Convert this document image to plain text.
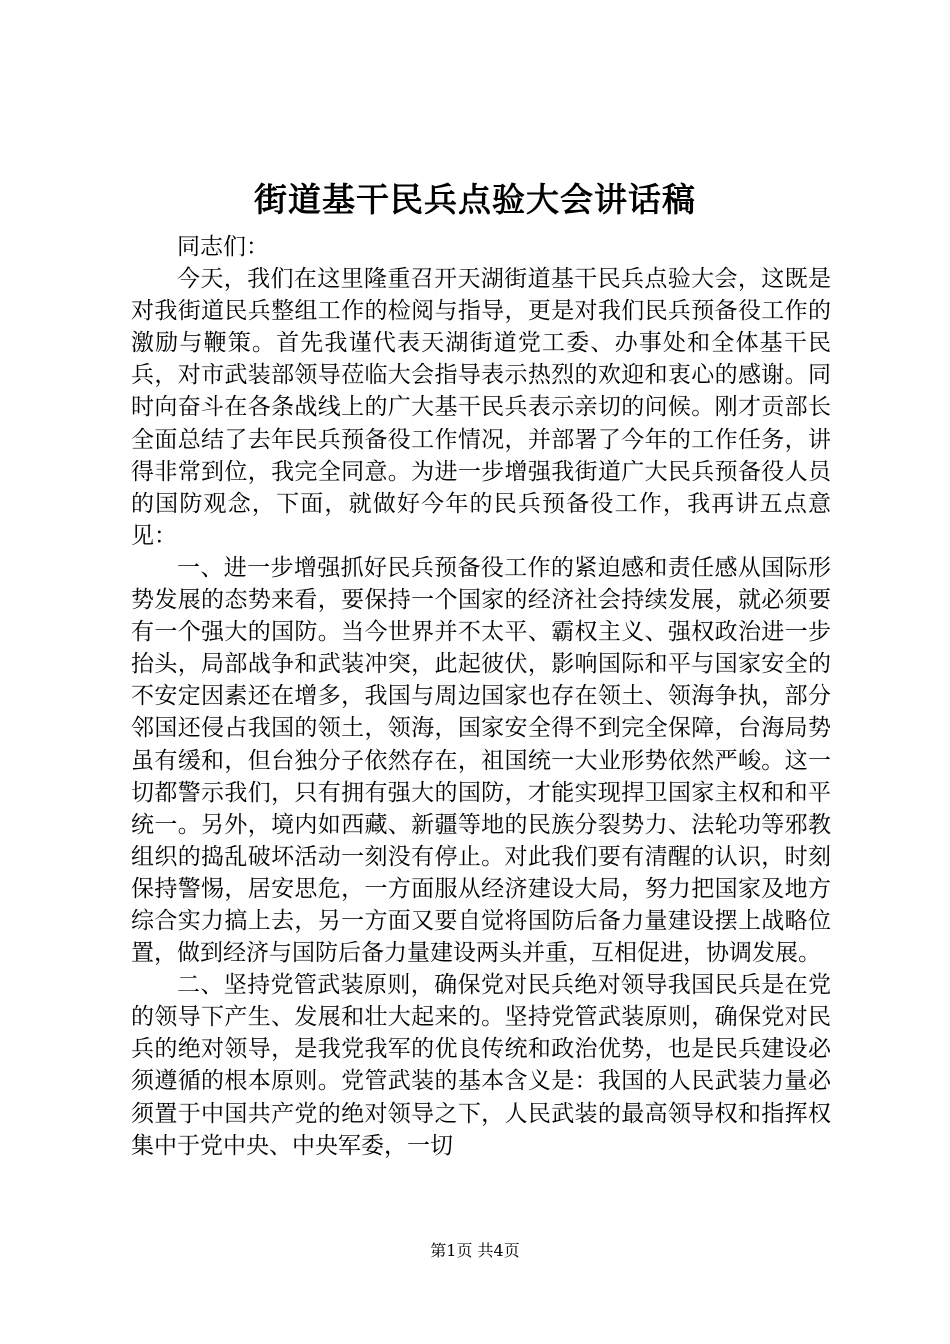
街道基干民兵点验大会讲话稿

同志们：

今天，我们在这里隆重召开天湖街道基干民兵点验大会，这既是对我街道民兵整组工作的检阅与指导，更是对我们民兵预备役工作的激励与鞭策。首先我谨代表天湖街道党工委、办事处和全体基干民兵，对市武装部领导莅临大会指导表示热烈的欢迎和衷心的感谢。同时向奋斗在各条战线上的广大基干民兵表示亲切的问候。刚才贡部长全面总结了去年民兵预备役工作情况，并部署了今年的工作任务，讲得非常到位，我完全同意。为进一步增强我街道广大民兵预备役人员的国防观念，下面，就做好今年的民兵预备役工作，我再讲五点意见：

一、进一步增强抓好民兵预备役工作的紧迫感和责任感从国际形势发展的态势来看，要保持一个国家的经济社会持续发展，就必须要有一个强大的国防。当今世界并不太平、霸权主义、强权政治进一步抬头，局部战争和武装冲突，此起彼伏，影响国际和平与国家安全的不安定因素还在增多，我国与周边国家也存在领土、领海争执，部分邻国还侵占我国的领土，领海，国家安全得不到完全保障，台海局势虽有缓和，但台独分子依然存在，祖国统一大业形势依然严峻。这一切都警示我们，只有拥有强大的国防，才能实现捍卫国家主权和和平统一。另外，境内如西藏、新疆等地的民族分裂势力、法轮功等邪教组织的捣乱破坏活动一刻没有停止。对此我们要有清醒的认识，时刻保持警惕，居安思危，一方面服从经济建设大局，努力把国家及地方综合实力搞上去，另一方面又要自觉将国防后备力量建设摆上战略位置，做到经济与国防后备力量建设两头并重，互相促进，协调发展。

二、坚持党管武装原则，确保党对民兵绝对领导我国民兵是在党的领导下产生、发展和壮大起来的。坚持党管武装原则，确保党对民兵的绝对领导，是我党我军的优良传统和政治优势，也是民兵建设必须遵循的根本原则。党管武装的基本含义是：我国的人民武装力量必须置于中国共产党的绝对领导之下，人民武装的最高领导权和指挥权集中于党中央、中央军委，一切

第1页 共4页
